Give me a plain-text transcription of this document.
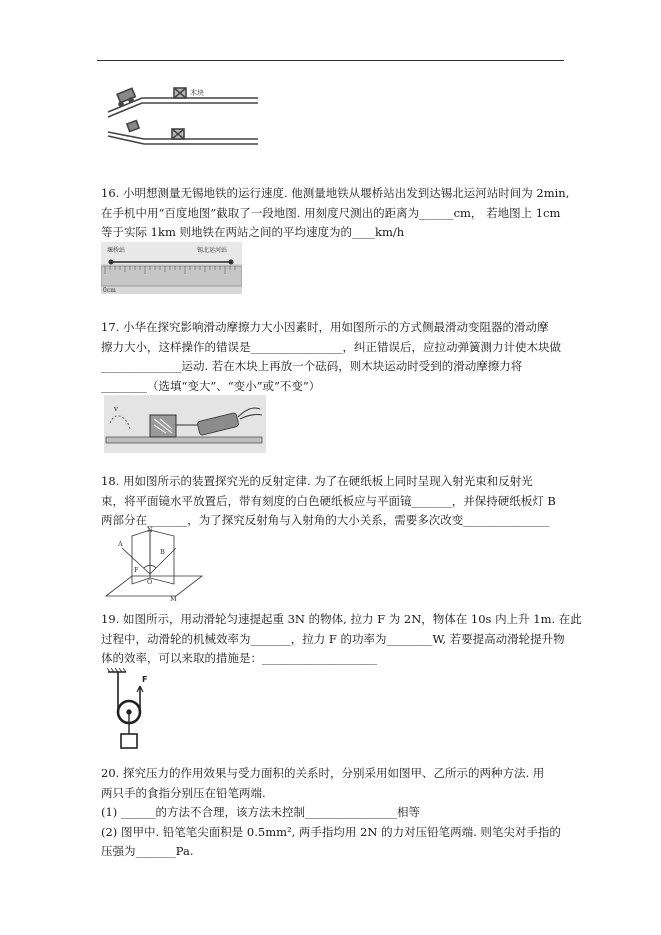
木块

16. 小明想测量无锡地铁的运行速度. 他测量地铁从堰桥站出发到达锡北运河站时间为 2min,

在手机中用“百度地图”截取了一段地图. 用刻度尺测出的距离为______cm， 若地图上 1cm

等于实际 1km 则地铁在两站之间的平均速度为的____km/h

堰桥站	锡北运河站
0cm

17. 小华在探究影响滑动摩擦力大小因素时，用如图所示的方式侧最滑动变阻器的滑动摩

擦力大小，这样操作的错误是________________，纠正错误后，应拉动弹簧测力计使木块做

______________运动. 若在木块上再放一个砝码，则木块运动时受到的滑动摩擦力将

________（选填“变大”、“变小”或”不变”）

v

18. 用如图所示的装置探究光的反射定律. 为了在硬纸板上同时呈现入射光束和反射光

束，将平面镜水平放置后，带有刻度的白色硬纸板应与平面镜_______，并保持硬纸板灯 B

两部分在_______，为了探究反射角与入射角的大小关系，需要多次改变_______________

N
A
B
F
O
M

19. 如图所示，用动滑轮匀速提起重 3N 的物体, 拉力 F 为 2N，物体在 10s 内上升 1m. 在此

过程中，动滑轮的机械效率为_______，拉力 F 的功率为________W, 若要提高动滑轮提升物

体的效率，可以来取的措施是：____________________

F

20. 探究压力的作用效果与受力面积的关系时，分别采用如图甲、乙所示的两种方法. 用

两只手的食指分别压在铅笔两端.

(1) ______的方法不合理，该方法未控制________________相等

(2) 图甲中. 铅笔笔尖面积是 0.5mm², 两手指均用 2N 的力对压铅笔两端. 则笔尖对手指的

压强为_______Pa.
